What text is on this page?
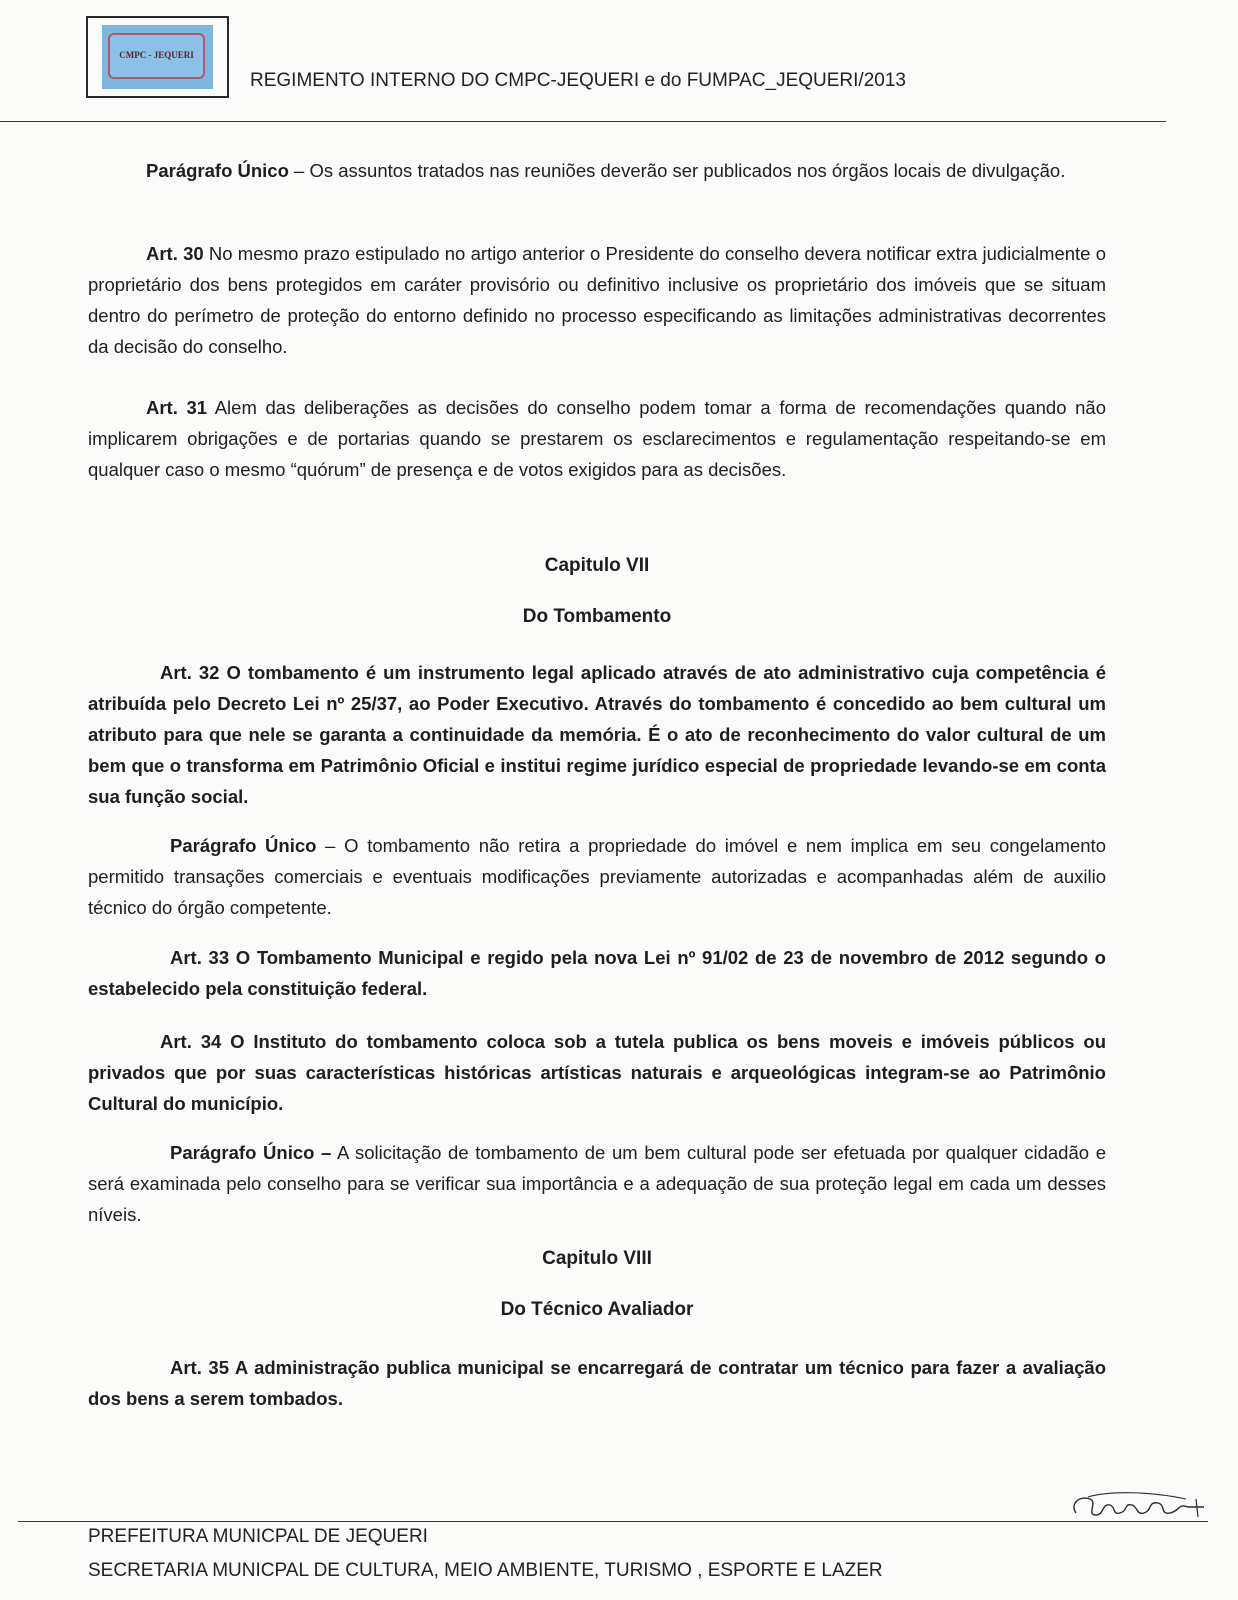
CMPC - JEQUERI
REGIMENTO INTERNO DO CMPC-JEQUERI e do FUMPAC_JEQUERI/2013

Parágrafo Único – Os assuntos tratados nas reuniões deverão ser publicados nos órgãos locais de divulgação.

Art. 30 No mesmo prazo estipulado no artigo anterior o Presidente do conselho devera notificar extra judicialmente o proprietário dos bens protegidos em caráter provisório ou definitivo inclusive os proprietário dos imóveis que se situam dentro do perímetro de proteção do entorno definido no processo especificando as limitações administrativas decorrentes da decisão do conselho.

Art. 31 Alem das deliberações as decisões do conselho podem tomar a forma de recomendações quando não implicarem obrigações e de portarias quando se prestarem os esclarecimentos e regulamentação respeitando-se em qualquer caso o mesmo “quórum” de presença e de votos exigidos para as decisões.

Capitulo VII
Do Tombamento

Art. 32 O tombamento é um instrumento legal aplicado através de ato administrativo cuja competência é atribuída pelo Decreto Lei nº 25/37, ao Poder Executivo. Através do tombamento é concedido ao bem cultural um atributo para que nele se garanta a continuidade da memória. É o ato de reconhecimento do valor cultural de um bem que o transforma em Patrimônio Oficial e institui regime jurídico especial de propriedade levando-se em conta sua função social.

Parágrafo Único – O tombamento não retira a propriedade do imóvel e nem implica em seu congelamento permitido transações comerciais e eventuais modificações previamente autorizadas e acompanhadas além de auxilio técnico do órgão competente.

Art. 33 O Tombamento Municipal e regido pela nova Lei nº 91/02 de 23 de novembro de 2012 segundo o estabelecido pela constituição federal.

Art. 34 O Instituto do tombamento coloca sob a tutela publica os bens moveis e imóveis públicos ou privados que por suas características históricas artísticas naturais e arqueológicas integram-se ao Patrimônio Cultural do município.

Parágrafo Único – A solicitação de tombamento de um bem cultural pode ser efetuada por qualquer cidadão e será examinada pelo conselho para se verificar sua importância e a adequação de sua proteção legal em cada um desses níveis.

Capitulo VIII
Do Técnico Avaliador

Art. 35 A administração publica municipal se encarregará de contratar um técnico para fazer a avaliação dos bens a serem tombados.

PREFEITURA MUNICPAL DE JEQUERI
SECRETARIA MUNICPAL DE CULTURA, MEIO AMBIENTE, TURISMO , ESPORTE E LAZER
